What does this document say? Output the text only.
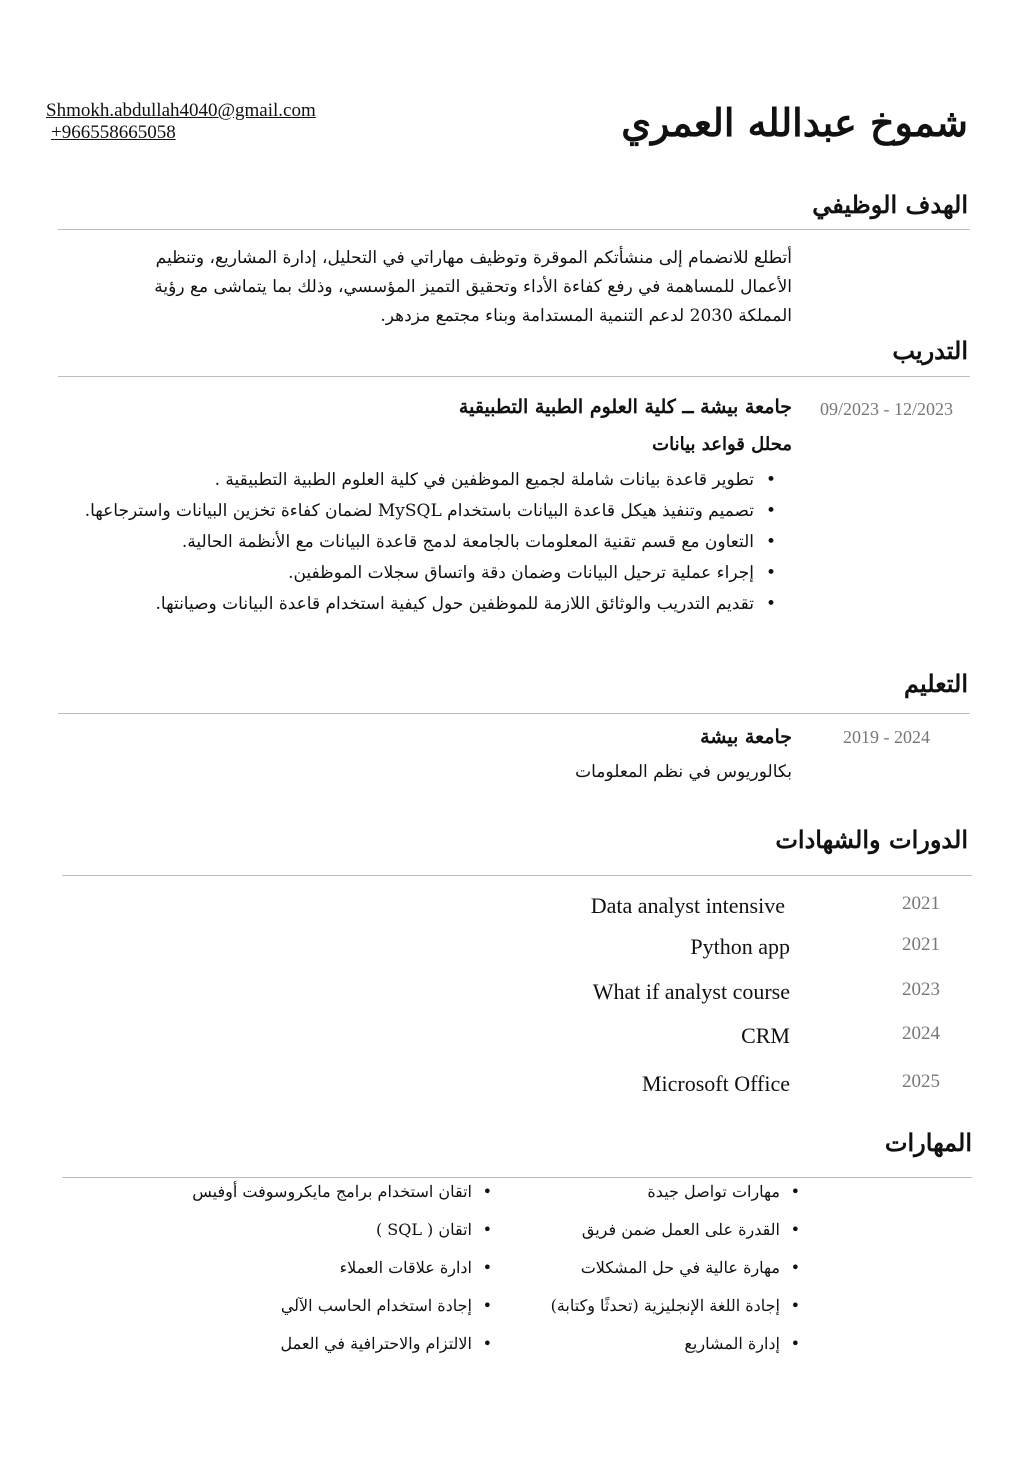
Shmokh.abdullah4040@gmail.com
+966558665058	شموخ عبدالله العمري
الهدف الوظيفي
أتطلع للانضمام إلى منشأتكم الموقرة وتوظيف مهاراتي في التحليل، إدارة المشاريع، وتنظيم الأعمال للمساهمة في رفع كفاءة الأداء وتحقيق التميز المؤسسي، وذلك بما يتماشى مع رؤية المملكة 2030 لدعم التنمية المستدامة وبناء مجتمع مزدهر.
التدريب
09/2023 - 12/2023
جامعة بيشة ــ كلية العلوم الطبية التطبيقية
محلل قواعد بيانات
• تطوير قاعدة بيانات شاملة لجميع الموظفين في كلية العلوم الطبية التطبيقية .
• تصميم وتنفيذ هيكل قاعدة البيانات باستخدام MySQL لضمان كفاءة تخزين البيانات واسترجاعها.
• التعاون مع قسم تقنية المعلومات بالجامعة لدمج قاعدة البيانات مع الأنظمة الحالية.
• إجراء عملية ترحيل البيانات وضمان دقة واتساق سجلات الموظفين.
• تقديم التدريب والوثائق اللازمة للموظفين حول كيفية استخدام قاعدة البيانات وصيانتها.
التعليم
2019 - 2024
جامعة بيشة
بكالوريوس في نظم المعلومات
الدورات والشهادات
Data analyst intensive	2021
Python app	2021
What if analyst course	2023
CRM	2024
Microsoft Office	2025
المهارات
• مهارات تواصل جيدة
• القدرة على العمل ضمن فريق
• مهارة عالية في حل المشكلات
• إجادة اللغة الإنجليزية (تحدثًا وكتابة)
• إدارة المشاريع
• اتقان استخدام برامج مايكروسوفت أوفيس
• اتقان ( SQL )
• ادارة علاقات العملاء
• إجادة استخدام الحاسب الآلي
• الالتزام والاحترافية في العمل
